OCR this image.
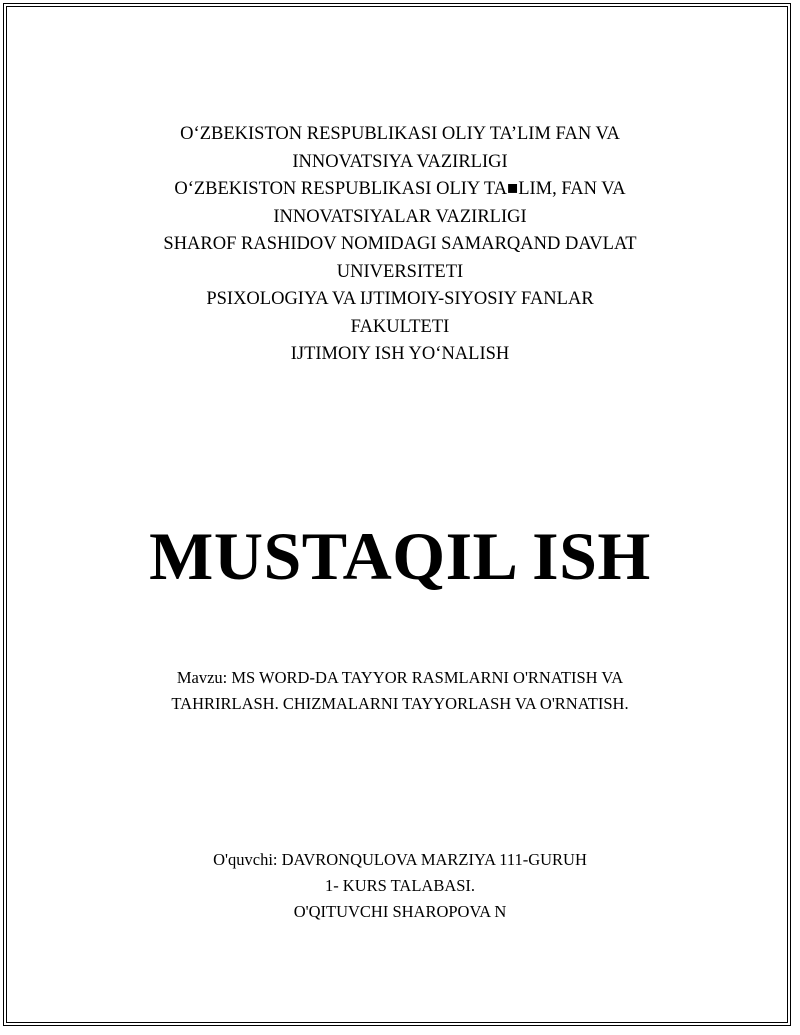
O‘ZBEKISTON RESPUBLIKASI OLIY TA’LIM FAN VA
INNOVATSIYA VAZIRLIGI
O‘ZBEKISTON RESPUBLIKASI OLIY TA■LIM, FAN VA
INNOVATSIYALAR VAZIRLIGI
SHAROF RASHIDOV NOMIDAGI SAMARQAND DAVLAT
UNIVERSITETI
PSIXOLOGIYA VA IJTIMOIY-SIYOSIY FANLAR
FAKULTETI
IJTIMOIY ISH YO‘NALISH
MUSTAQIL ISH
Mavzu: MS WORD-DA TAYYOR RASMLARNI O'RNATISH VA
TAHRIRLASH. CHIZMALARNI TAYYORLASH VA O'RNATISH.
O'quvchi: DAVRONQULOVA MARZIYA 111-GURUH
1- KURS TALABASI.
O'QITUVCHI SHAROPOVA N
